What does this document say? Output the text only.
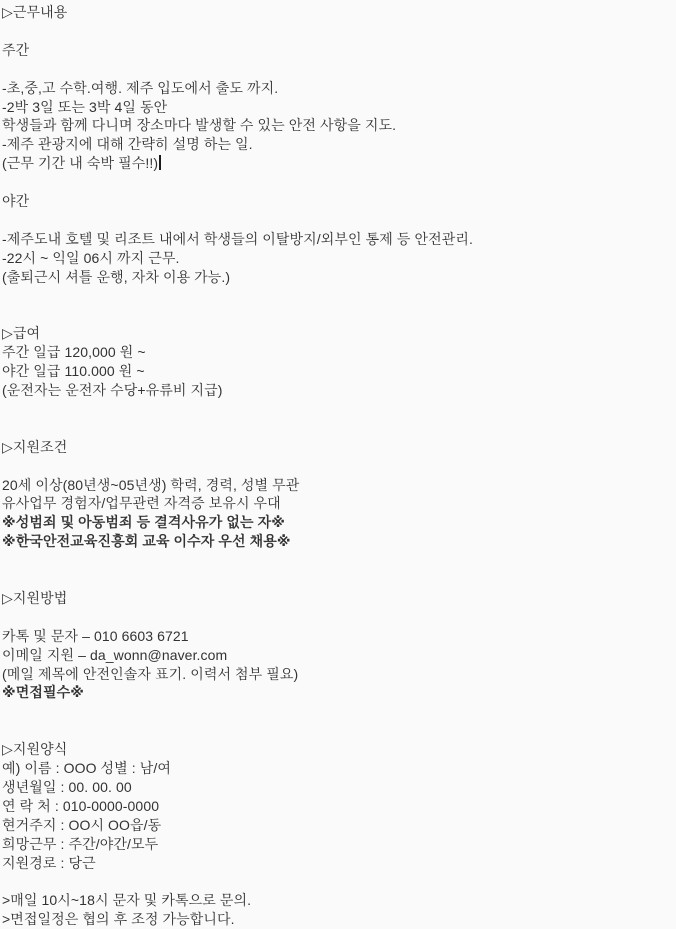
▷근무내용
주간
-초,중,고 수학.여행. 제주 입도에서 출도 까지.
-2박 3일 또는 3박 4일 동안
학생들과 함께 다니며 장소마다 발생할 수 있는 안전 사항을 지도.
-제주 관광지에 대해 간략히 설명 하는 일.
(근무 기간 내 숙박 필수!!)
야간
-제주도내 호텔 및 리조트 내에서 학생들의 이탈방지/외부인 통제 등 안전관리.
-22시 ~ 익일 06시 까지 근무.
(출퇴근시 셔틀 운행, 자차 이용 가능.)
▷급여
주간 일급 120,000 원 ~
야간 일급 110.000 원 ~
(운전자는 운전자 수당+유류비 지급)
▷지원조건
20세 이상(80년생~05년생) 학력, 경력, 성별 무관
유사업무 경험자/업무관련 자격증 보유시 우대
※성범죄 및 아동범죄 등 결격사유가 없는 자※
※한국안전교육진흥회 교육 이수자 우선 채용※
▷지원방법
카톡 및 문자 – 010 6603 6721
이메일 지원 – da_wonn@naver.com
(메일 제목에 안전인솔자 표기. 이력서 첨부 필요)
※면접필수※
▷지원양식
예) 이름 : OOO 성별 : 남/여
생년월일 : 00. 00. 00
연 락 처 : 010-0000-0000
현거주지 : OO시 OO읍/동
희망근무 : 주간/야간/모두
지원경로 : 당근
>매일 10시~18시 문자 및 카톡으로 문의.
>면접일정은 협의 후 조정 가능합니다.
